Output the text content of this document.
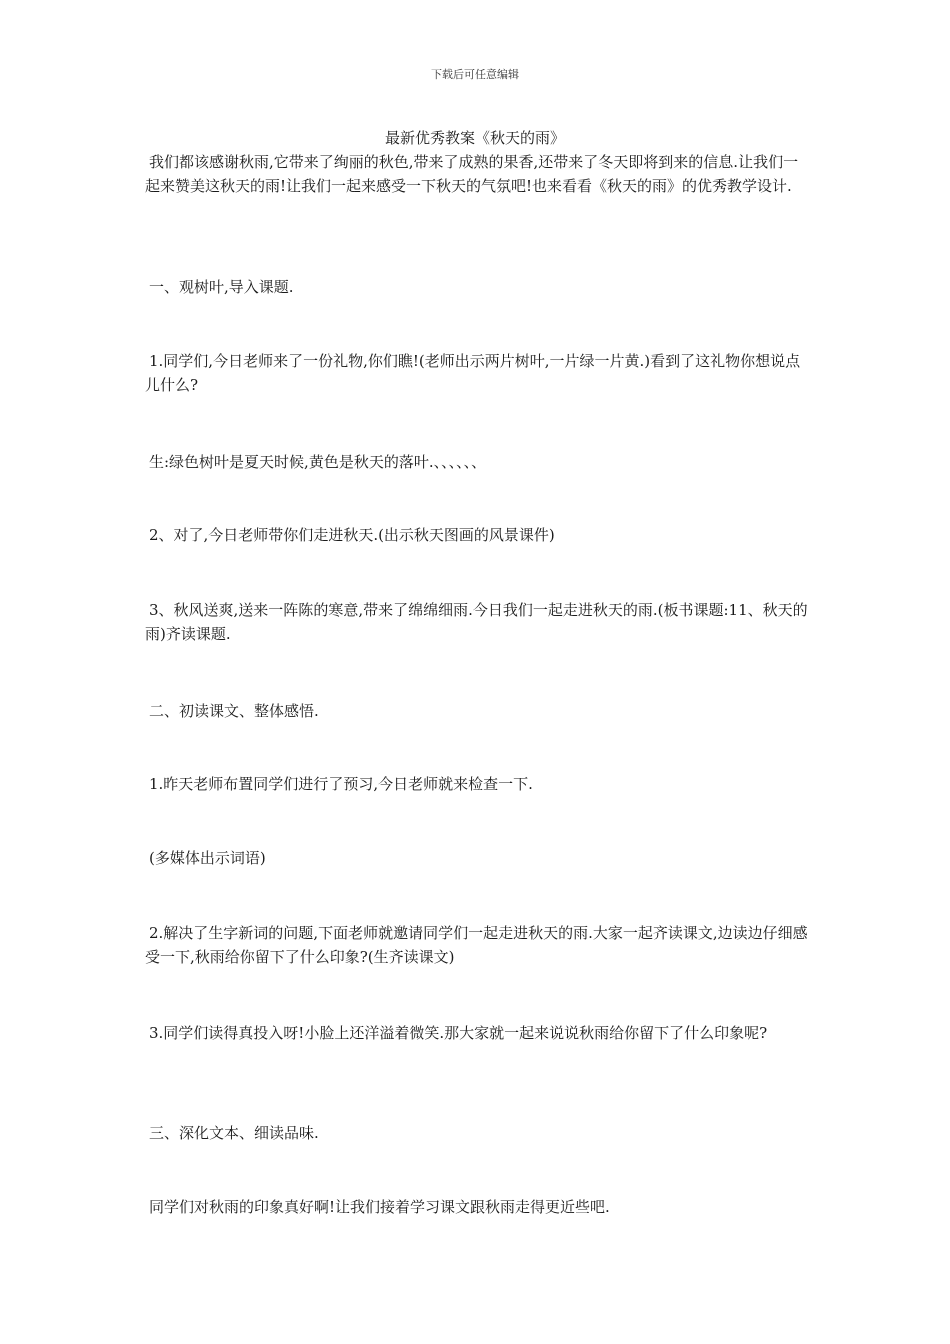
下载后可任意编辑
最新优秀教案《秋天的雨》
我们都该感谢秋雨,它带来了绚丽的秋色,带来了成熟的果香,还带来了冬天即将到来的信息.让我们一起来赞美这秋天的雨!让我们一起来感受一下秋天的气氛吧!也来看看《秋天的雨》的优秀教学设计.
一、观树叶,导入课题.
1.同学们,今日老师来了一份礼物,你们瞧!(老师出示两片树叶,一片绿一片黄.)看到了这礼物你想说点儿什么?
生:绿色树叶是夏天时候,黄色是秋天的落叶.、、、、、、
2、对了,今日老师带你们走进秋天.(出示秋天图画的风景课件)
3、秋风送爽,送来一阵陈的寒意,带来了绵绵细雨.今日我们一起走进秋天的雨.(板书课题:11、秋天的雨)齐读课题.
二、初读课文、整体感悟.
1.昨天老师布置同学们进行了预习,今日老师就来检查一下.
(多媒体出示词语)
2.解决了生字新词的问题,下面老师就邀请同学们一起走进秋天的雨.大家一起齐读课文,边读边仔细感受一下,秋雨给你留下了什么印象?(生齐读课文)
3.同学们读得真投入呀!小脸上还洋溢着微笑.那大家就一起来说说秋雨给你留下了什么印象呢?
三、深化文本、细读品味.
同学们对秋雨的印象真好啊!让我们接着学习课文跟秋雨走得更近些吧.
